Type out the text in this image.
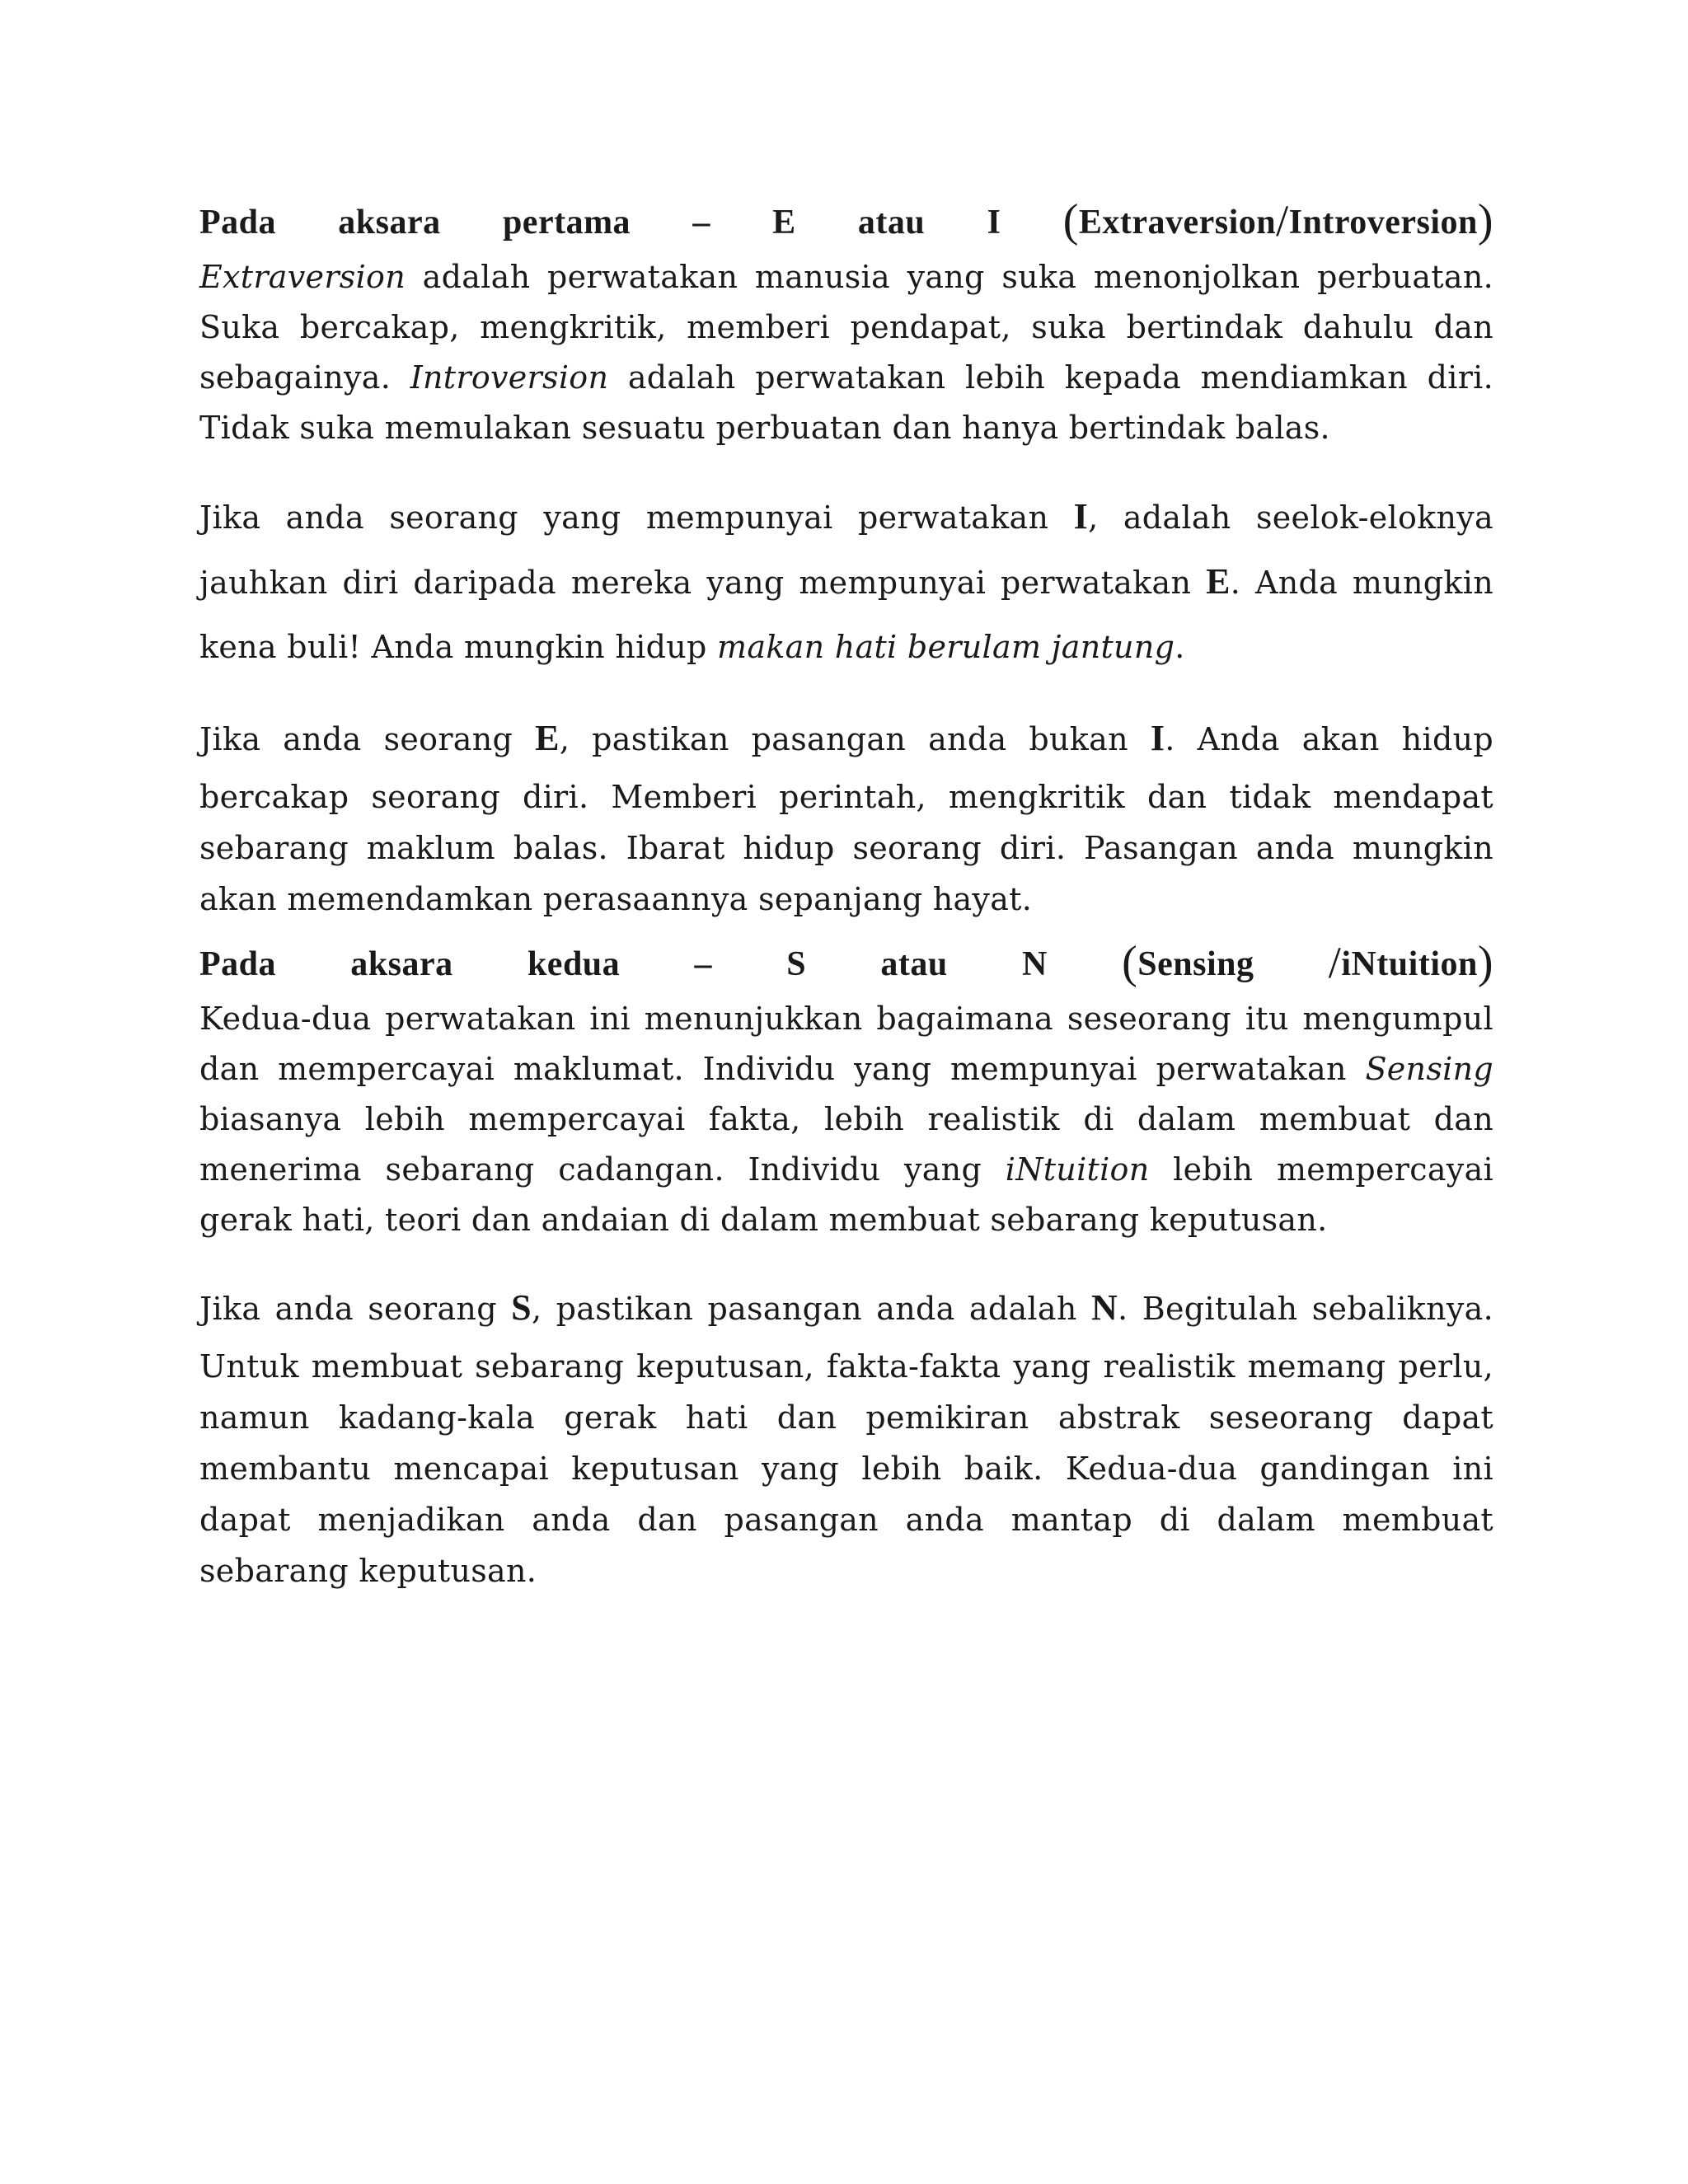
Pada aksara pertama – E atau I (Extraversion/Introversion)

Extraversion adalah perwatakan manusia yang suka menonjolkan perbuatan. Suka bercakap, mengkritik, memberi pendapat, suka bertindak dahulu dan sebagainya. Introversion adalah perwatakan lebih kepada mendiamkan diri. Tidak suka memulakan sesuatu perbuatan dan hanya bertindak balas.

Jika anda seorang yang mempunyai perwatakan I, adalah seelok-eloknya jauhkan diri daripada mereka yang mempunyai perwatakan E. Anda mungkin kena buli! Anda mungkin hidup makan hati berulam jantung.

Jika anda seorang E, pastikan pasangan anda bukan I. Anda akan hidup bercakap seorang diri. Memberi perintah, mengkritik dan tidak mendapat sebarang maklum balas. Ibarat hidup seorang diri. Pasangan anda mungkin akan memendamkan perasaannya sepanjang hayat.

Pada aksara kedua – S atau N (Sensing /iNtuition)

Kedua-dua perwatakan ini menunjukkan bagaimana seseorang itu mengumpul dan mempercayai maklumat. Individu yang mempunyai perwatakan Sensing biasanya lebih mempercayai fakta, lebih realistik di dalam membuat dan menerima sebarang cadangan. Individu yang iNtuition lebih mempercayai gerak hati, teori dan andaian di dalam membuat sebarang keputusan.

Jika anda seorang S, pastikan pasangan anda adalah N. Begitulah sebaliknya. Untuk membuat sebarang keputusan, fakta-fakta yang realistik memang perlu, namun kadang-kala gerak hati dan pemikiran abstrak seseorang dapat membantu mencapai keputusan yang lebih baik. Kedua-dua gandingan ini dapat menjadikan anda dan pasangan anda mantap di dalam membuat sebarang keputusan.
